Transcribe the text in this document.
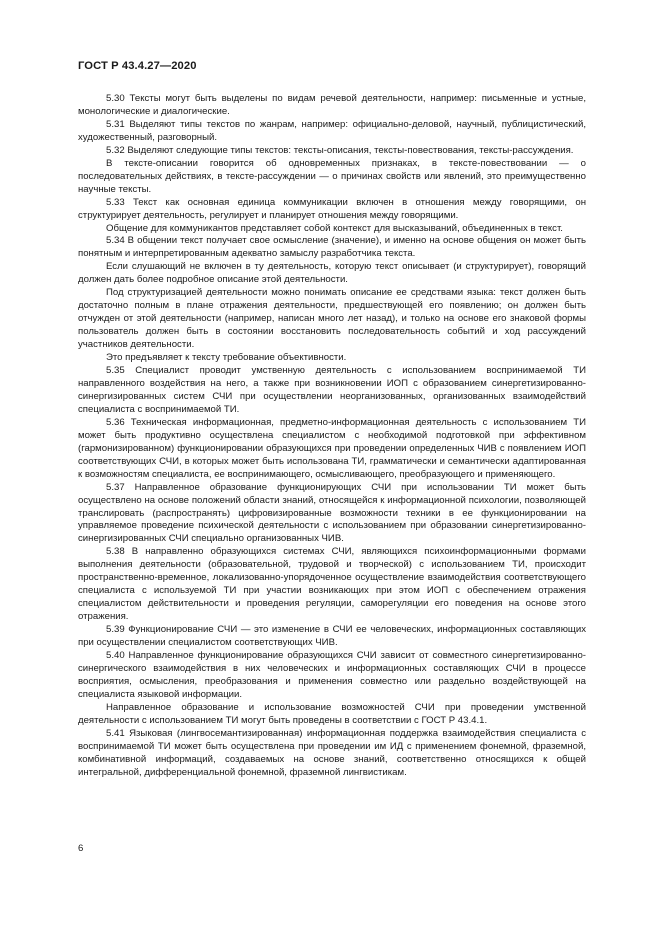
ГОСТ Р 43.4.27—2020

5.30 Тексты могут быть выделены по видам речевой деятельности, например: письменные и устные, монологические и диалогические.

5.31 Выделяют типы текстов по жанрам, например: официально-деловой, научный, публицистический, художественный, разговорный.

5.32 Выделяют следующие типы текстов: тексты-описания, тексты-повествования, тексты-рассуждения.

В тексте-описании говорится об одновременных признаках, в тексте-повествовании — о последовательных действиях, в тексте-рассуждении — о причинах свойств или явлений, это преимущественно научные тексты.

5.33 Текст как основная единица коммуникации включен в отношения между говорящими, он структурирует деятельность, регулирует и планирует отношения между говорящими.

Общение для коммуникантов представляет собой контекст для высказываний, объединенных в текст.

5.34 В общении текст получает свое осмысление (значение), и именно на основе общения он может быть понятным и интерпретированным адекватно замыслу разработчика текста.

Если слушающий не включен в ту деятельность, которую текст описывает (и структурирует), говорящий должен дать более подробное описание этой деятельности.

Под структуризацией деятельности можно понимать описание ее средствами языка: текст должен быть достаточно полным в плане отражения деятельности, предшествующей его появлению; он должен быть отчужден от этой деятельности (например, написан много лет назад), и только на основе его знаковой формы пользователь должен быть в состоянии восстановить последовательность событий и ход рассуждений участников деятельности.

Это предъявляет к тексту требование объективности.

5.35 Специалист проводит умственную деятельность с использованием воспринимаемой ТИ направленного воздействия на него, а также при возникновении ИОП с образованием синергетизированно-синергизированных систем СЧИ при осуществлении неорганизованных, организованных взаимодействий специалиста с воспринимаемой ТИ.

5.36 Техническая информационная, предметно-информационная деятельность с использованием ТИ может быть продуктивно осуществлена специалистом с необходимой подготовкой при эффективном (гармонизированном) функционировании образующихся при проведении определенных ЧИВ с появлением ИОП соответствующих СЧИ, в которых может быть использована ТИ, грамматически и семантически адаптированная к возможностям специалиста, ее воспринимающего, осмысливающего, преобразующего и применяющего.

5.37 Направленное образование функционирующих СЧИ при использовании ТИ может быть осуществлено на основе положений области знаний, относящейся к информационной психологии, позволяющей транслировать (распространять) цифровизированные возможности техники в ее функционировании на управляемое проведение психической деятельности с использованием при образовании синергетизированно-синергизированных СЧИ специально организованных ЧИВ.

5.38 В направленно образующихся системах СЧИ, являющихся психоинформационными формами выполнения деятельности (образовательной, трудовой и творческой) с использованием ТИ, происходит пространственно-временное, локализованно-упорядоченное осуществление взаимодействия соответствующего специалиста с используемой ТИ при участии возникающих при этом ИОП с обеспечением отражения специалистом действительности и проведения регуляции, саморегуляции его поведения на основе этого отражения.

5.39 Функционирование СЧИ — это изменение в СЧИ ее человеческих, информационных составляющих при осуществлении специалистом соответствующих ЧИВ.

5.40 Направленное функционирование образующихся СЧИ зависит от совместного синергетизированно-синергического взаимодействия в них человеческих и информационных составляющих СЧИ в процессе восприятия, осмысления, преобразования и применения совместно или раздельно воздействующей на специалиста языковой информации.

Направленное образование и использование возможностей СЧИ при проведении умственной деятельности с использованием ТИ могут быть проведены в соответствии с ГОСТ Р 43.4.1.

5.41 Языковая (лингвосемантизированная) информационная поддержка взаимодействия специалиста с воспринимаемой ТИ может быть осуществлена при проведении им ИД с применением фонемной, фраземной, комбинативной информаций, создаваемых на основе знаний, соответственно относящихся к общей интегральной, дифференциальной фонемной, фраземной лингвистикам.

6
